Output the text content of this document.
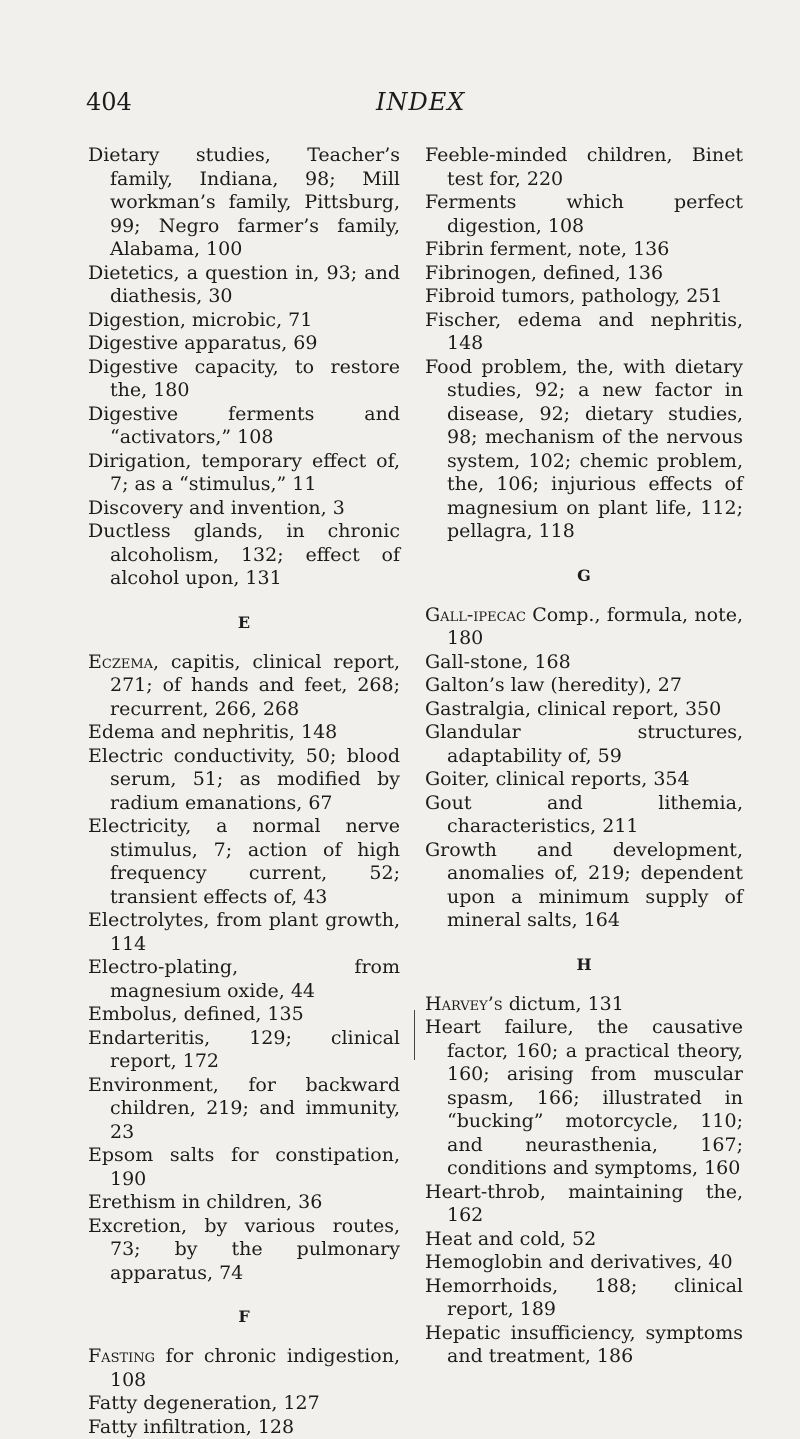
404	INDEX

Dietary studies, Teacher’s family, Indiana, 98; Mill workman’s family, Pittsburg, 99; Negro farmer’s family, Alabama, 100

Dietetics, a question in, 93; and diathesis, 30

Digestion, microbic, 71

Digestive apparatus, 69

Digestive capacity, to restore the, 180

Digestive ferments and “activators,” 108

Dirigation, temporary effect of, 7; as a “stimulus,” 11

Discovery and invention, 3

Ductless glands, in chronic alcoholism, 132; effect of alcohol upon, 131

E

Eczema, capitis, clinical report, 271; of hands and feet, 268; recurrent, 266, 268

Edema and nephritis, 148

Electric conductivity, 50; blood serum, 51; as modified by radium emanations, 67

Electricity, a normal nerve stimulus, 7; action of high frequency current, 52; transient effects of, 43

Electrolytes, from plant growth, 114

Electro-plating, from magnesium oxide, 44

Embolus, defined, 135

Endarteritis, 129; clinical report, 172

Environment, for backward children, 219; and immunity, 23

Epsom salts for constipation, 190

Erethism in children, 36

Excretion, by various routes, 73; by the pulmonary apparatus, 74

F

Fasting for chronic indigestion, 108

Fatty degeneration, 127

Fatty infiltration, 128

Feeble-minded children, Binet test for, 220

Ferments which perfect digestion, 108

Fibrin ferment, note, 136

Fibrinogen, defined, 136

Fibroid tumors, pathology, 251

Fischer, edema and nephritis, 148

Food problem, the, with dietary studies, 92; a new factor in disease, 92; dietary studies, 98; mechanism of the nervous system, 102; chemic problem, the, 106; injurious effects of magnesium on plant life, 112; pellagra, 118

G

Gall-ipecac Comp., formula, note, 180

Gall-stone, 168

Galton’s law (heredity), 27

Gastralgia, clinical report, 350

Glandular structures, adaptability of, 59

Goiter, clinical reports, 354

Gout and lithemia, characteristics, 211

Growth and development, anomalies of, 219; dependent upon a minimum supply of mineral salts, 164

H

Harvey’s dictum, 131

Heart failure, the causative factor, 160; a practical theory, 160; arising from muscular spasm, 166; illustrated in “bucking” motorcycle, 110; and neurasthenia, 167; conditions and symptoms, 160

Heart-throb, maintaining the, 162

Heat and cold, 52

Hemoglobin and derivatives, 40

Hemorrhoids, 188; clinical report, 189

Hepatic insufficiency, symptoms and treatment, 186
